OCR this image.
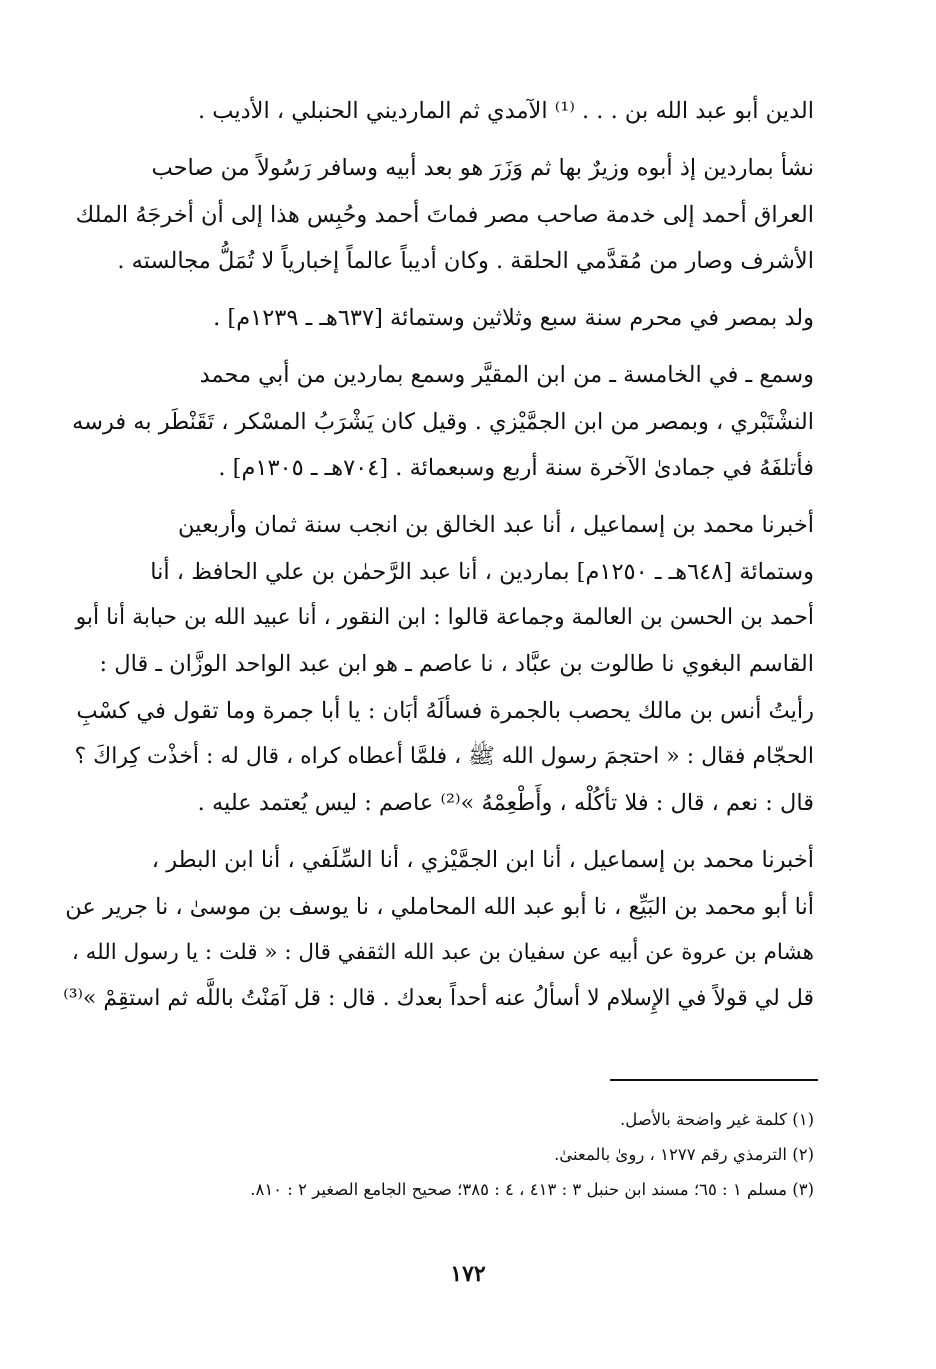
الدين أبو عبد الله بن . . . ⁽¹⁾ الآمدي ثم المارديني الحنبلي ، الأديب .

نشأ بماردين إذ أبوه وزيرٌ بها ثم وَزَرَ هو بعد أبيه وسافر رَسُولاً من صاحب
العراق أحمد إلى خدمة صاحب مصر فماتَ أحمد وحُبِس هذا إلى أن أخرجَهُ الملك
الأشرف وصار من مُقدَّمي الحلقة . وكان أديباً عالماً إخبارياً لا تُمَلُّ مجالسته .

ولد بمصر في محرم سنة سبع وثلاثين وستمائة [٦٣٧هـ ـ ١٢٣٩م] .

وسمع ـ في الخامسة ـ من ابن المقيَّر وسمع بماردين من أبي محمد
النشْتَبْري ، وبمصر من ابن الجمَّيْزي . وقيل كان يَشْرَبُ المسْكر ، تَقَنْطَر به فرسه
فأتلفَهُ في جمادىٰ الآخرة سنة أربع وسبعمائة . [٧٠٤هـ ـ ١٣٠٥م] .

أخبرنا محمد بن إسماعيل ، أنا عبد الخالق بن انجب سنة ثمان وأربعين
وستمائة [٦٤٨هـ ـ ١٢٥٠م] بماردين ، أنا عبد الرَّحمٰن بن علي الحافظ ، أنا
أحمد بن الحسن بن العالمة وجماعة قالوا : ابن النقور ، أنا عبيد الله بن حبابة أنا أبو
القاسم البغوي نا طالوت بن عبَّاد ، نا عاصم ـ هو ابن عبد الواحد الوزَّان ـ قال :
رأيتُ أنس بن مالك يحصب بالجمرة فسألَهُ أبَان : يا أبا جمرة وما تقول في كسْبِ
الحجّام فقال : « احتجمَ رسول الله ﷺ ، فلمَّا أعطاه كراه ، قال له : أخذْت كِراكَ ؟
قال : نعم ، قال : فلا تأكُلْه ، وأَطْعِمْهُ »⁽²⁾ عاصم : ليس يُعتمد عليه .

أخبرنا محمد بن إسماعيل ، أنا ابن الجمَّيْزي ، أنا السِّلَفي ، أنا ابن البطر ،
أنا أبو محمد بن البَيِّع ، نا أبو عبد الله المحاملي ، نا يوسف بن موسىٰ ، نا جرير عن
هشام بن عروة عن أبيه عن سفيان بن عبد الله الثقفي قال : « قلت : يا رسول الله ،
قل لي قولاً في الإِسلام لا أسألُ عنه أحداً بعدك . قال : قل آمَنْتُ باللَّه ثم استقِمْ »⁽³⁾

(١) كلمة غير واضحة بالأصل.
(٢) الترمذي رقم ١٢٧٧ ، روىٰ بالمعنىٰ.
(٣) مسلم ١ : ٦٥؛ مسند ابن حنبل ٣ : ٤١٣ ، ٤ : ٣٨٥؛ صحيح الجامع الصغير ٢ : ٨١٠.
١٧٢
